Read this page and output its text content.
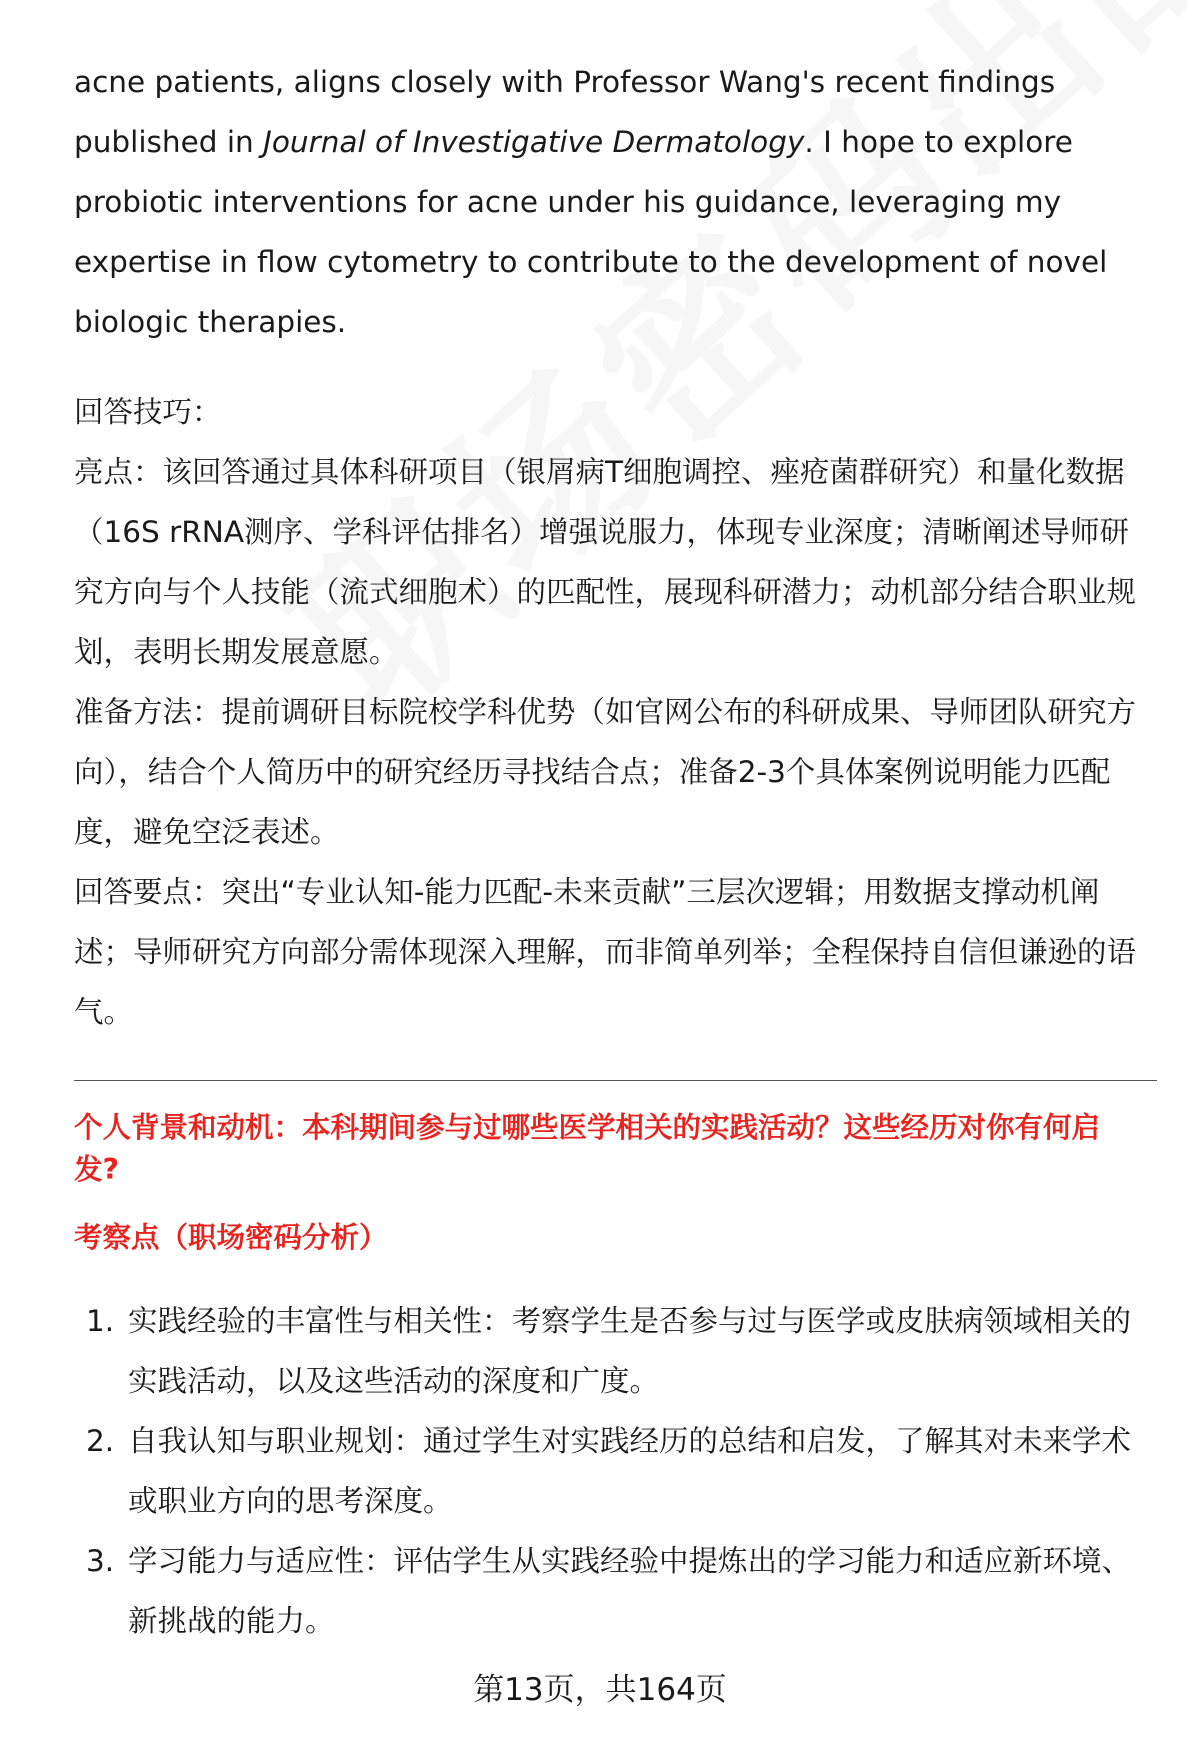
acne patients, aligns closely with Professor Wang's recent findings published in Journal of Investigative Dermatology. I hope to explore probiotic interventions for acne under his guidance, leveraging my expertise in flow cytometry to contribute to the development of novel biologic therapies.

回答技巧：

亮点：该回答通过具体科研项目（银屑病T细胞调控、痤疮菌群研究）和量化数据（16S rRNA测序、学科评估排名）增强说服力，体现专业深度；清晰阐述导师研究方向与个人技能（流式细胞术）的匹配性，展现科研潜力；动机部分结合职业规划，表明长期发展意愿。

准备方法：提前调研目标院校学科优势（如官网公布的科研成果、导师团队研究方向），结合个人简历中的研究经历寻找结合点；准备2-3个具体案例说明能力匹配度，避免空泛表述。

回答要点：突出“专业认知-能力匹配-未来贡献”三层次逻辑；用数据支撑动机阐述；导师研究方向部分需体现深入理解，而非简单列举；全程保持自信但谦逊的语气。

个人背景和动机：本科期间参与过哪些医学相关的实践活动？这些经历对你有何启发?

考察点（职场密码分析）

1. 实践经验的丰富性与相关性：考察学生是否参与过与医学或皮肤病领域相关的实践活动，以及这些活动的深度和广度。
2. 自我认知与职业规划：通过学生对实践经历的总结和启发，了解其对未来学术或职业方向的思考深度。
3. 学习能力与适应性：评估学生从实践经验中提炼出的学习能力和适应新环境、新挑战的能力。
第13页，共164页
